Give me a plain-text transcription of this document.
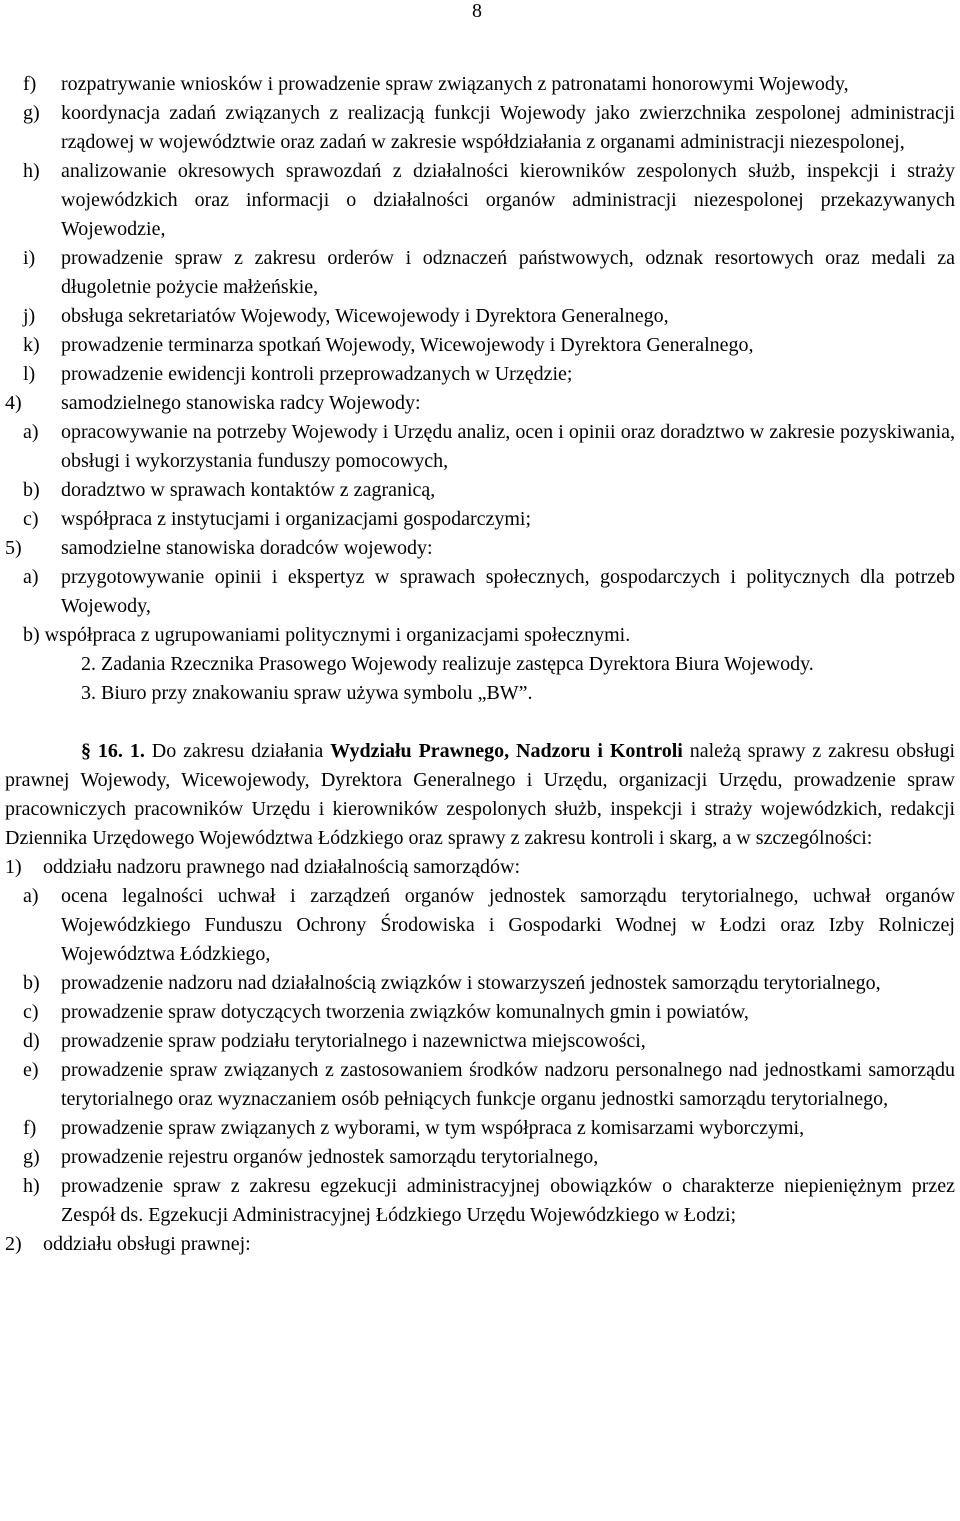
8
f)	rozpatrywanie wniosków i prowadzenie spraw związanych z patronatami honorowymi Wojewody,
g)	koordynacja zadań związanych z realizacją funkcji Wojewody jako zwierzchnika zespolonej administracji rządowej w województwie oraz zadań w zakresie współdziałania z organami administracji niezespolonej,
h)	analizowanie okresowych sprawozdań z działalności kierowników zespolonych służb, inspekcji i straży wojewódzkich oraz informacji o działalności organów administracji niezespolonej przekazywanych Wojewodzie,
i)	prowadzenie spraw z zakresu orderów i odznaczeń państwowych, odznak resortowych oraz medali za długoletnie pożycie małżeńskie,
j)	obsługa sekretariatów Wojewody, Wicewojewody i Dyrektora Generalnego,
k)	prowadzenie terminarza spotkań Wojewody, Wicewojewody i Dyrektora Generalnego,
l)	prowadzenie ewidencji kontroli przeprowadzanych w Urzędzie;
4)	samodzielnego stanowiska radcy Wojewody:
a)	opracowywanie na potrzeby Wojewody i Urzędu analiz, ocen i opinii oraz doradztwo w zakresie pozyskiwania, obsługi i wykorzystania funduszy pomocowych,
b)	doradztwo w sprawach kontaktów z zagranicą,
c)	współpraca z instytucjami i organizacjami gospodarczymi;
5)	samodzielne stanowiska doradców wojewody:
a)	przygotowywanie opinii i ekspertyz w sprawach społecznych, gospodarczych i politycznych dla potrzeb Wojewody,
b) współpraca z ugrupowaniami politycznymi i organizacjami społecznymi.
2. Zadania Rzecznika Prasowego Wojewody realizuje zastępca Dyrektora Biura Wojewody.
3. Biuro przy znakowaniu spraw używa symbolu „BW”.
§ 16. 1. Do zakresu działania Wydziału Prawnego, Nadzoru i Kontroli należą sprawy z zakresu obsługi prawnej Wojewody, Wicewojewody, Dyrektora Generalnego i Urzędu, organizacji Urzędu, prowadzenie spraw pracowniczych pracowników Urzędu i kierowników zespolonych służb, inspekcji i straży wojewódzkich, redakcji Dziennika Urzędowego Województwa Łódzkiego oraz sprawy z zakresu kontroli i skarg, a w szczególności:
1)	oddziału nadzoru prawnego nad działalnością samorządów:
a)	ocena legalności uchwał i zarządzeń organów jednostek samorządu terytorialnego, uchwał organów Wojewódzkiego Funduszu Ochrony Środowiska i Gospodarki Wodnej w Łodzi oraz Izby Rolniczej Województwa Łódzkiego,
b)	prowadzenie nadzoru nad działalnością związków i stowarzyszeń jednostek samorządu terytorialnego,
c)	prowadzenie spraw dotyczących tworzenia związków komunalnych gmin i powiatów,
d)	prowadzenie spraw podziału terytorialnego i nazewnictwa miejscowości,
e)	prowadzenie spraw związanych z zastosowaniem środków nadzoru personalnego nad jednostkami samorządu terytorialnego oraz wyznaczaniem osób pełniących funkcje organu jednostki samorządu terytorialnego,
f)	prowadzenie spraw związanych z wyborami, w tym współpraca z komisarzami wyborczymi,
g)	prowadzenie rejestru organów jednostek samorządu terytorialnego,
h)	prowadzenie spraw z zakresu egzekucji administracyjnej obowiązków o charakterze niepieniężnym przez Zespół ds. Egzekucji Administracyjnej Łódzkiego Urzędu Wojewódzkiego w Łodzi;
2)	oddziału obsługi prawnej:
